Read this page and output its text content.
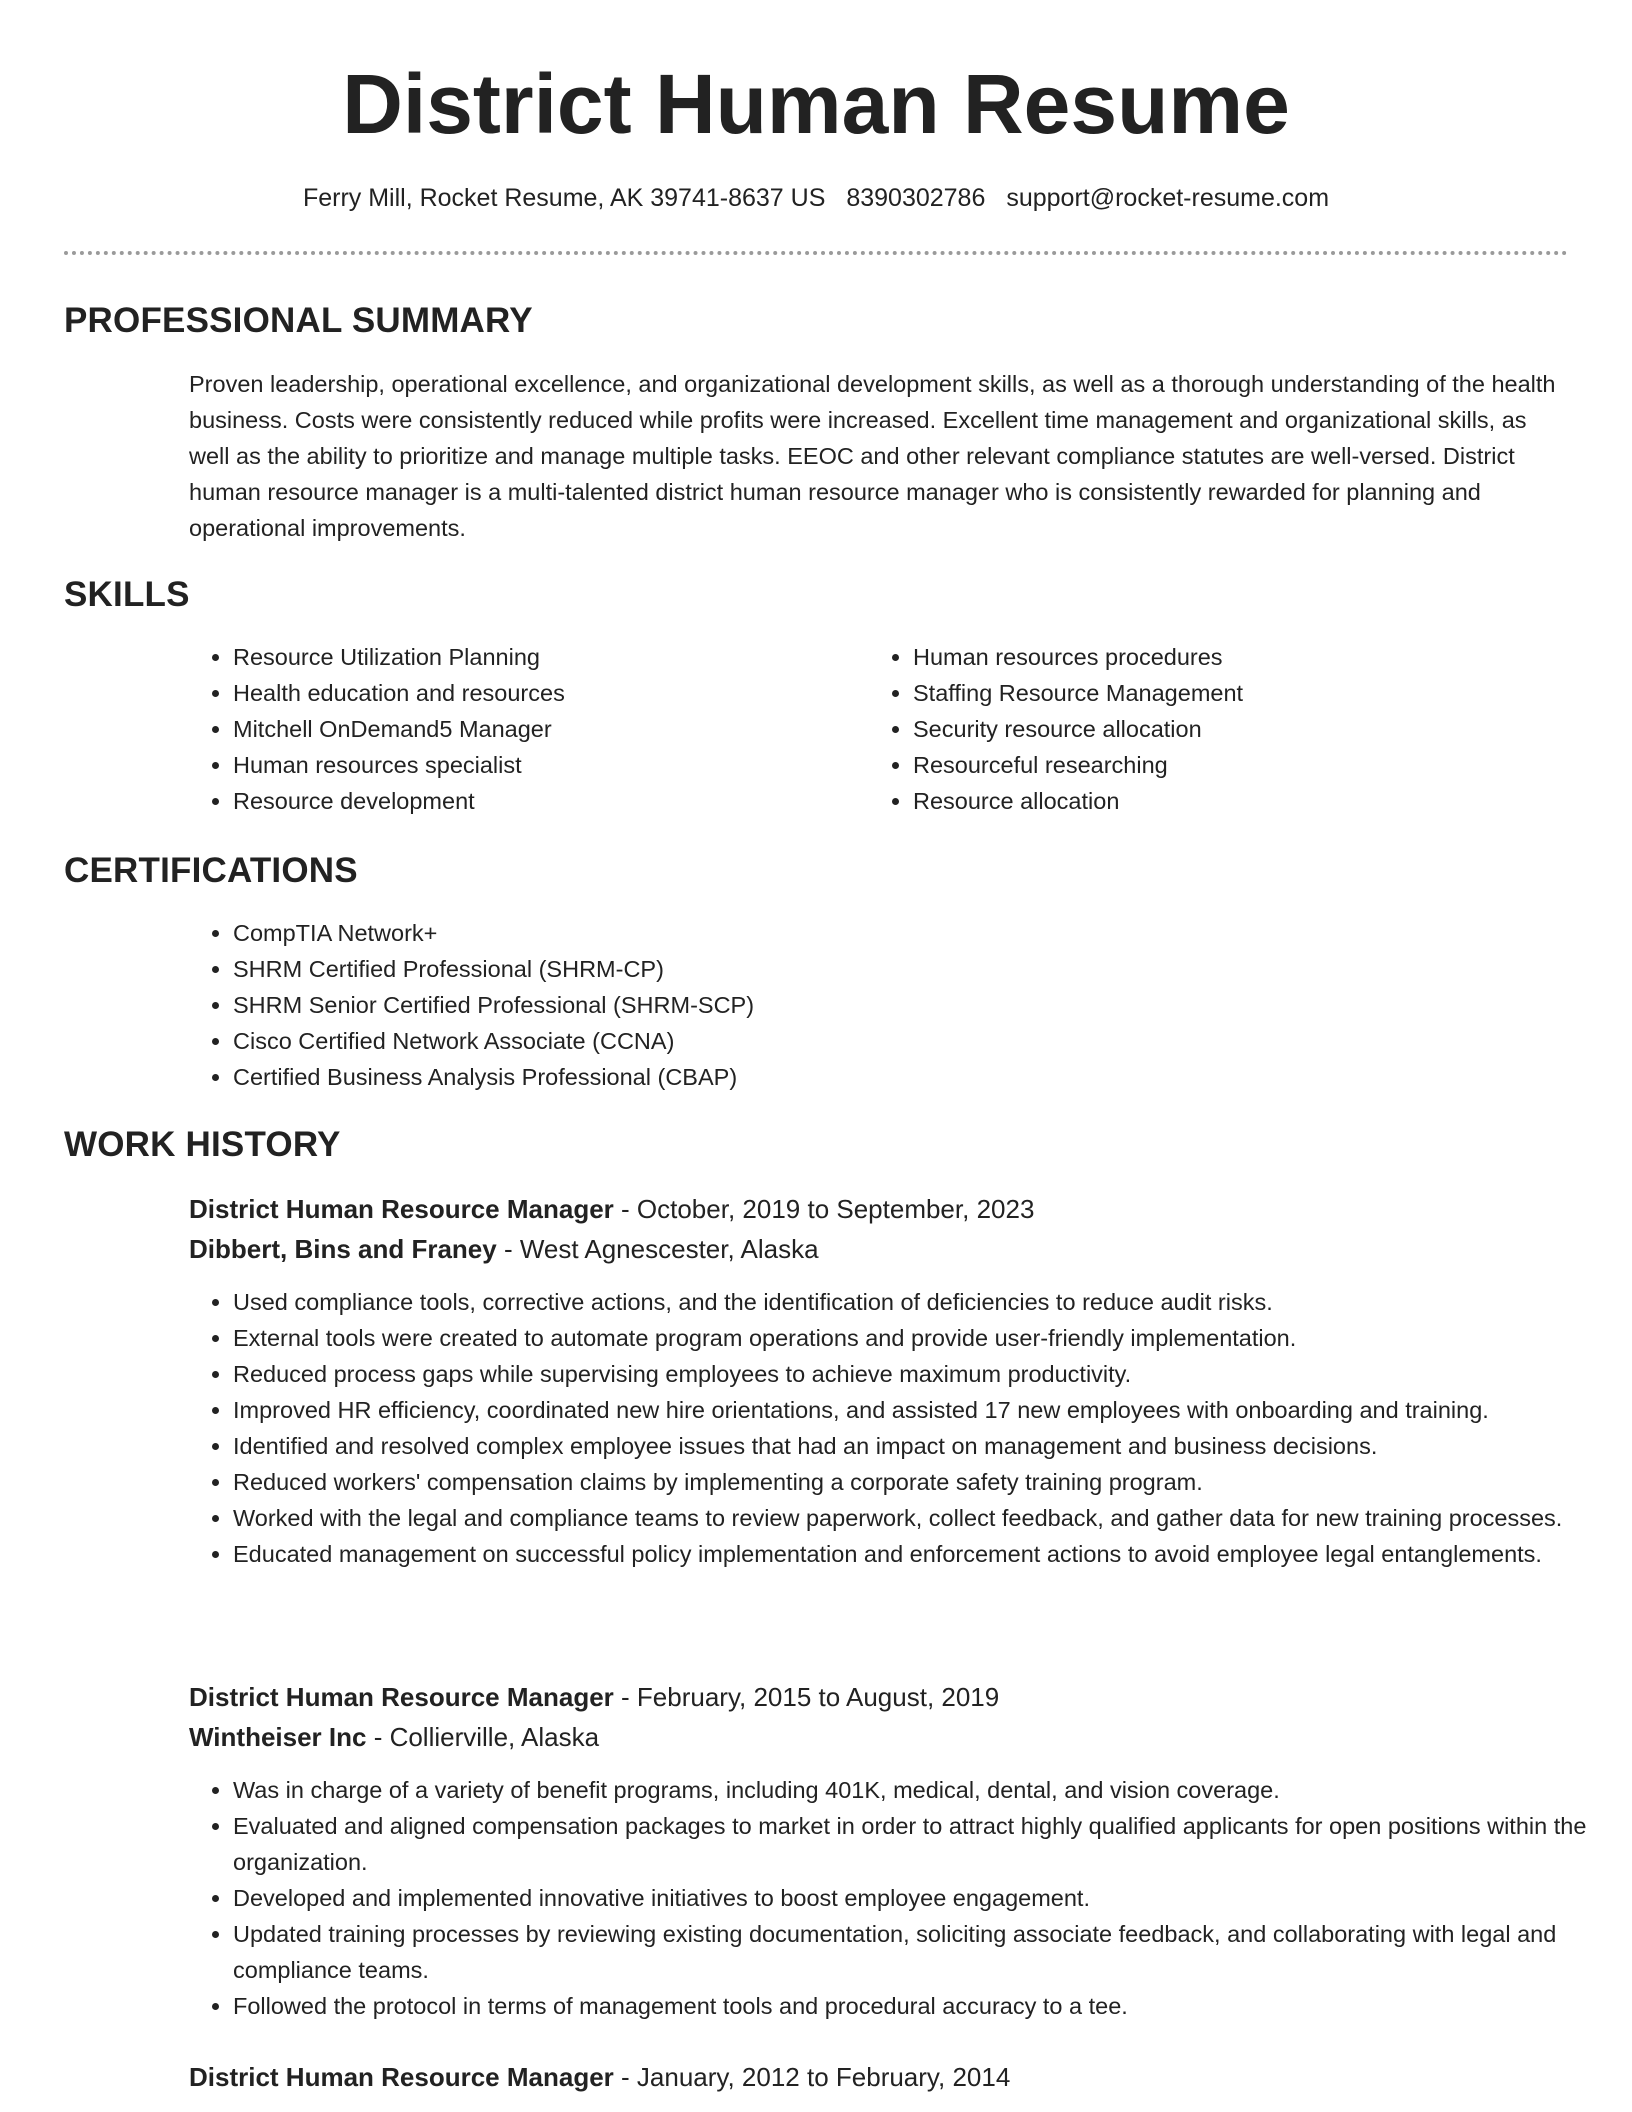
District Human Resume
Ferry Mill, Rocket Resume, AK 39741-8637 US 8390302786 support@rocket-resume.com
PROFESSIONAL SUMMARY

Proven leadership, operational excellence, and organizational development skills, as well as a thorough understanding of the health business. Costs were consistently reduced while profits were increased. Excellent time management and organizational skills, as well as the ability to prioritize and manage multiple tasks. EEOC and other relevant compliance statutes are well-versed. District human resource manager is a multi-talented district human resource manager who is consistently rewarded for planning and operational improvements.

SKILLS
• Resource Utilization Planning
• Health education and resources
• Mitchell OnDemand5 Manager
• Human resources specialist
• Resource development
• Human resources procedures
• Staffing Resource Management
• Security resource allocation
• Resourceful researching
• Resource allocation
CERTIFICATIONS
• CompTIA Network+
• SHRM Certified Professional (SHRM-CP)
• SHRM Senior Certified Professional (SHRM-SCP)
• Cisco Certified Network Associate (CCNA)
• Certified Business Analysis Professional (CBAP)
WORK HISTORY
District Human Resource Manager - October, 2019 to September, 2023
Dibbert, Bins and Franey - West Agnescester, Alaska
• Used compliance tools, corrective actions, and the identification of deficiencies to reduce audit risks.
• External tools were created to automate program operations and provide user-friendly implementation.
• Reduced process gaps while supervising employees to achieve maximum productivity.
• Improved HR efficiency, coordinated new hire orientations, and assisted 17 new employees with onboarding and training.
• Identified and resolved complex employee issues that had an impact on management and business decisions.
• Reduced workers' compensation claims by implementing a corporate safety training program.
• Worked with the legal and compliance teams to review paperwork, collect feedback, and gather data for new training processes.
• Educated management on successful policy implementation and enforcement actions to avoid employee legal entanglements.
District Human Resource Manager - February, 2015 to August, 2019
Wintheiser Inc - Collierville, Alaska
• Was in charge of a variety of benefit programs, including 401K, medical, dental, and vision coverage.
• Evaluated and aligned compensation packages to market in order to attract highly qualified applicants for open positions within the organization.
• Developed and implemented innovative initiatives to boost employee engagement.
• Updated training processes by reviewing existing documentation, soliciting associate feedback, and collaborating with legal and compliance teams.
• Followed the protocol in terms of management tools and procedural accuracy to a tee.
District Human Resource Manager - January, 2012 to February, 2014
